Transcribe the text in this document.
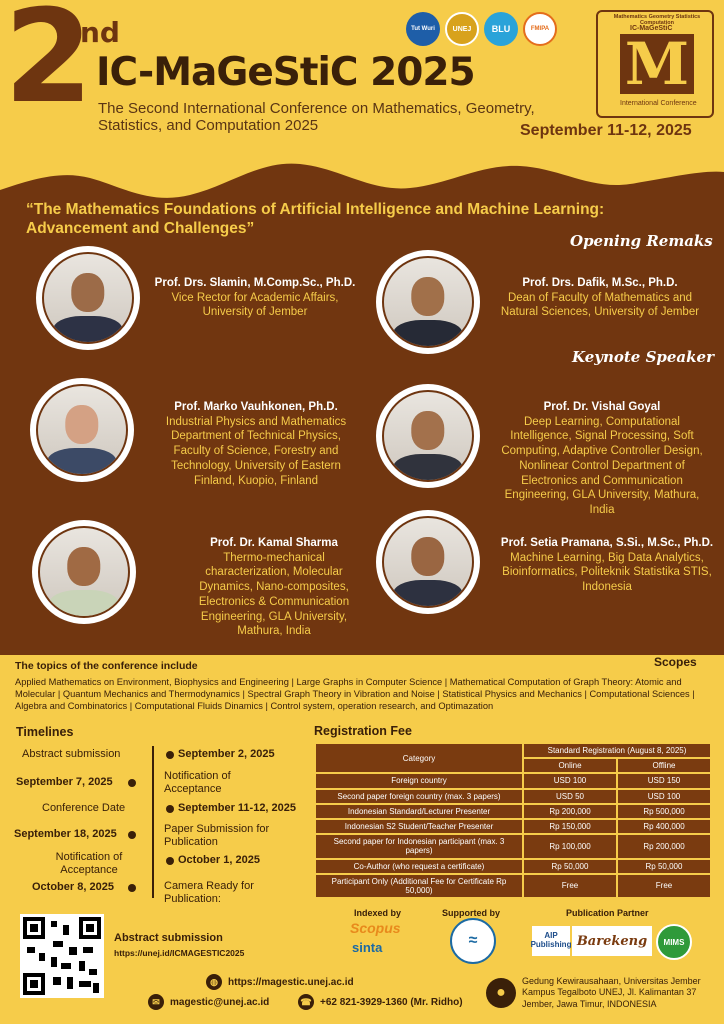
2
nd
IC-MaGeStiC 2025
The Second International Conference on Mathematics, Geometry, Statistics, and Computation 2025	September 11-12, 2025
Tut Wuri	UNEJ BLU	FMIPA
Mathematics Geometry Statistics Computation
IC-MaGeStiC
M
International Conference
“The Mathematics Foundations of Artificial Intelligence and Machine Learning: Advancement and Challenges”
Opening Remaks
Keynote Speaker
Prof. Drs. Slamin, M.Comp.Sc., Ph.D.
Vice Rector for Academic Affairs, University of Jember
Prof. Drs. Dafik, M.Sc., Ph.D.
Dean of Faculty of Mathematics and Natural Sciences, University of Jember
Prof. Marko Vauhkonen, Ph.D.
Industrial Physics and Mathematics Department of Technical Physics, Faculty of Science, Forestry and Technology, University of Eastern Finland, Kuopio, Finland
Prof. Dr. Vishal Goyal
Deep Learning, Computational Intelligence, Signal Processing, Soft Computing, Adaptive Controller Design, Nonlinear Control Department of Electronics and Communication Engineering, GLA University, Mathura, India
Prof. Dr. Kamal Sharma
Thermo-mechanical characterization, Molecular Dynamics, Nano-composites, Electronics & Communication Engineering, GLA University, Mathura, India
Prof. Setia Pramana, S.Si., M.Sc., Ph.D.
Machine Learning, Big Data Analytics, Bioinformatics, Politeknik Statistika STIS, Indonesia
The topics of the conference include	Scopes
Applied Mathematics on Environment, Biophysics and Engineering | Large Graphs in Computer Science | Mathematical Computation of Graph Theory: Atomic and Molecular | Quantum Mechanics and Thermodynamics | Spectral Graph Theory in Vibration and Noise | Statistical Physics and Mechanics | Computational Sciences | Algebra and Combinatorics | Computational Fluids Dinamics | Control system, operation research, and Optimazation
Timelines
Abstract submission	September 2, 2025
September 7, 2025	Notification of Acceptance
Conference Date	September 11-12, 2025
September 18, 2025	Paper Submission for Publication
Notification of Acceptance
October 1, 2025
October 8, 2025	Camera Ready for Publication:
Registration Fee
Category	Standard Registration (August 8, 2025)	
	Online	Offline
Foreign country	USD 100	USD 150
Second paper foreign country (max. 3 papers)	USD 50	USD 100
Indonesian Standard/Lecturer Presenter	Rp 200,000	Rp 500,000
Indonesian S2 Student/Teacher Presenter	Rp 150,000	Rp 400,000
Second paper for Indonesian participant (max. 3 papers)	Rp 100,000	Rp 200,000
Co-Author (who request a certificate)	Rp 50,000	Rp 50,000
Participant Only (Additional Fee for Certificate Rp 50,000)	Free	Free
Abstract submission
https://unej.id/ICMAGESTIC2025
Indexed by	Supported by	Publication Partner
Scopus
sinta	≈	AIP Publishing Barekeng	MIMS
◍	https://magestic.unej.ac.id
✉	magestic@unej.ac.id	☎ +62 821-3929-1360 (Mr. Ridho)
●
Gedung Kewirausahaan, Universitas Jember Kampus Tegalboto UNEJ, Jl. Kalimantan 37 Jember, Jawa Timur, INDONESIA
